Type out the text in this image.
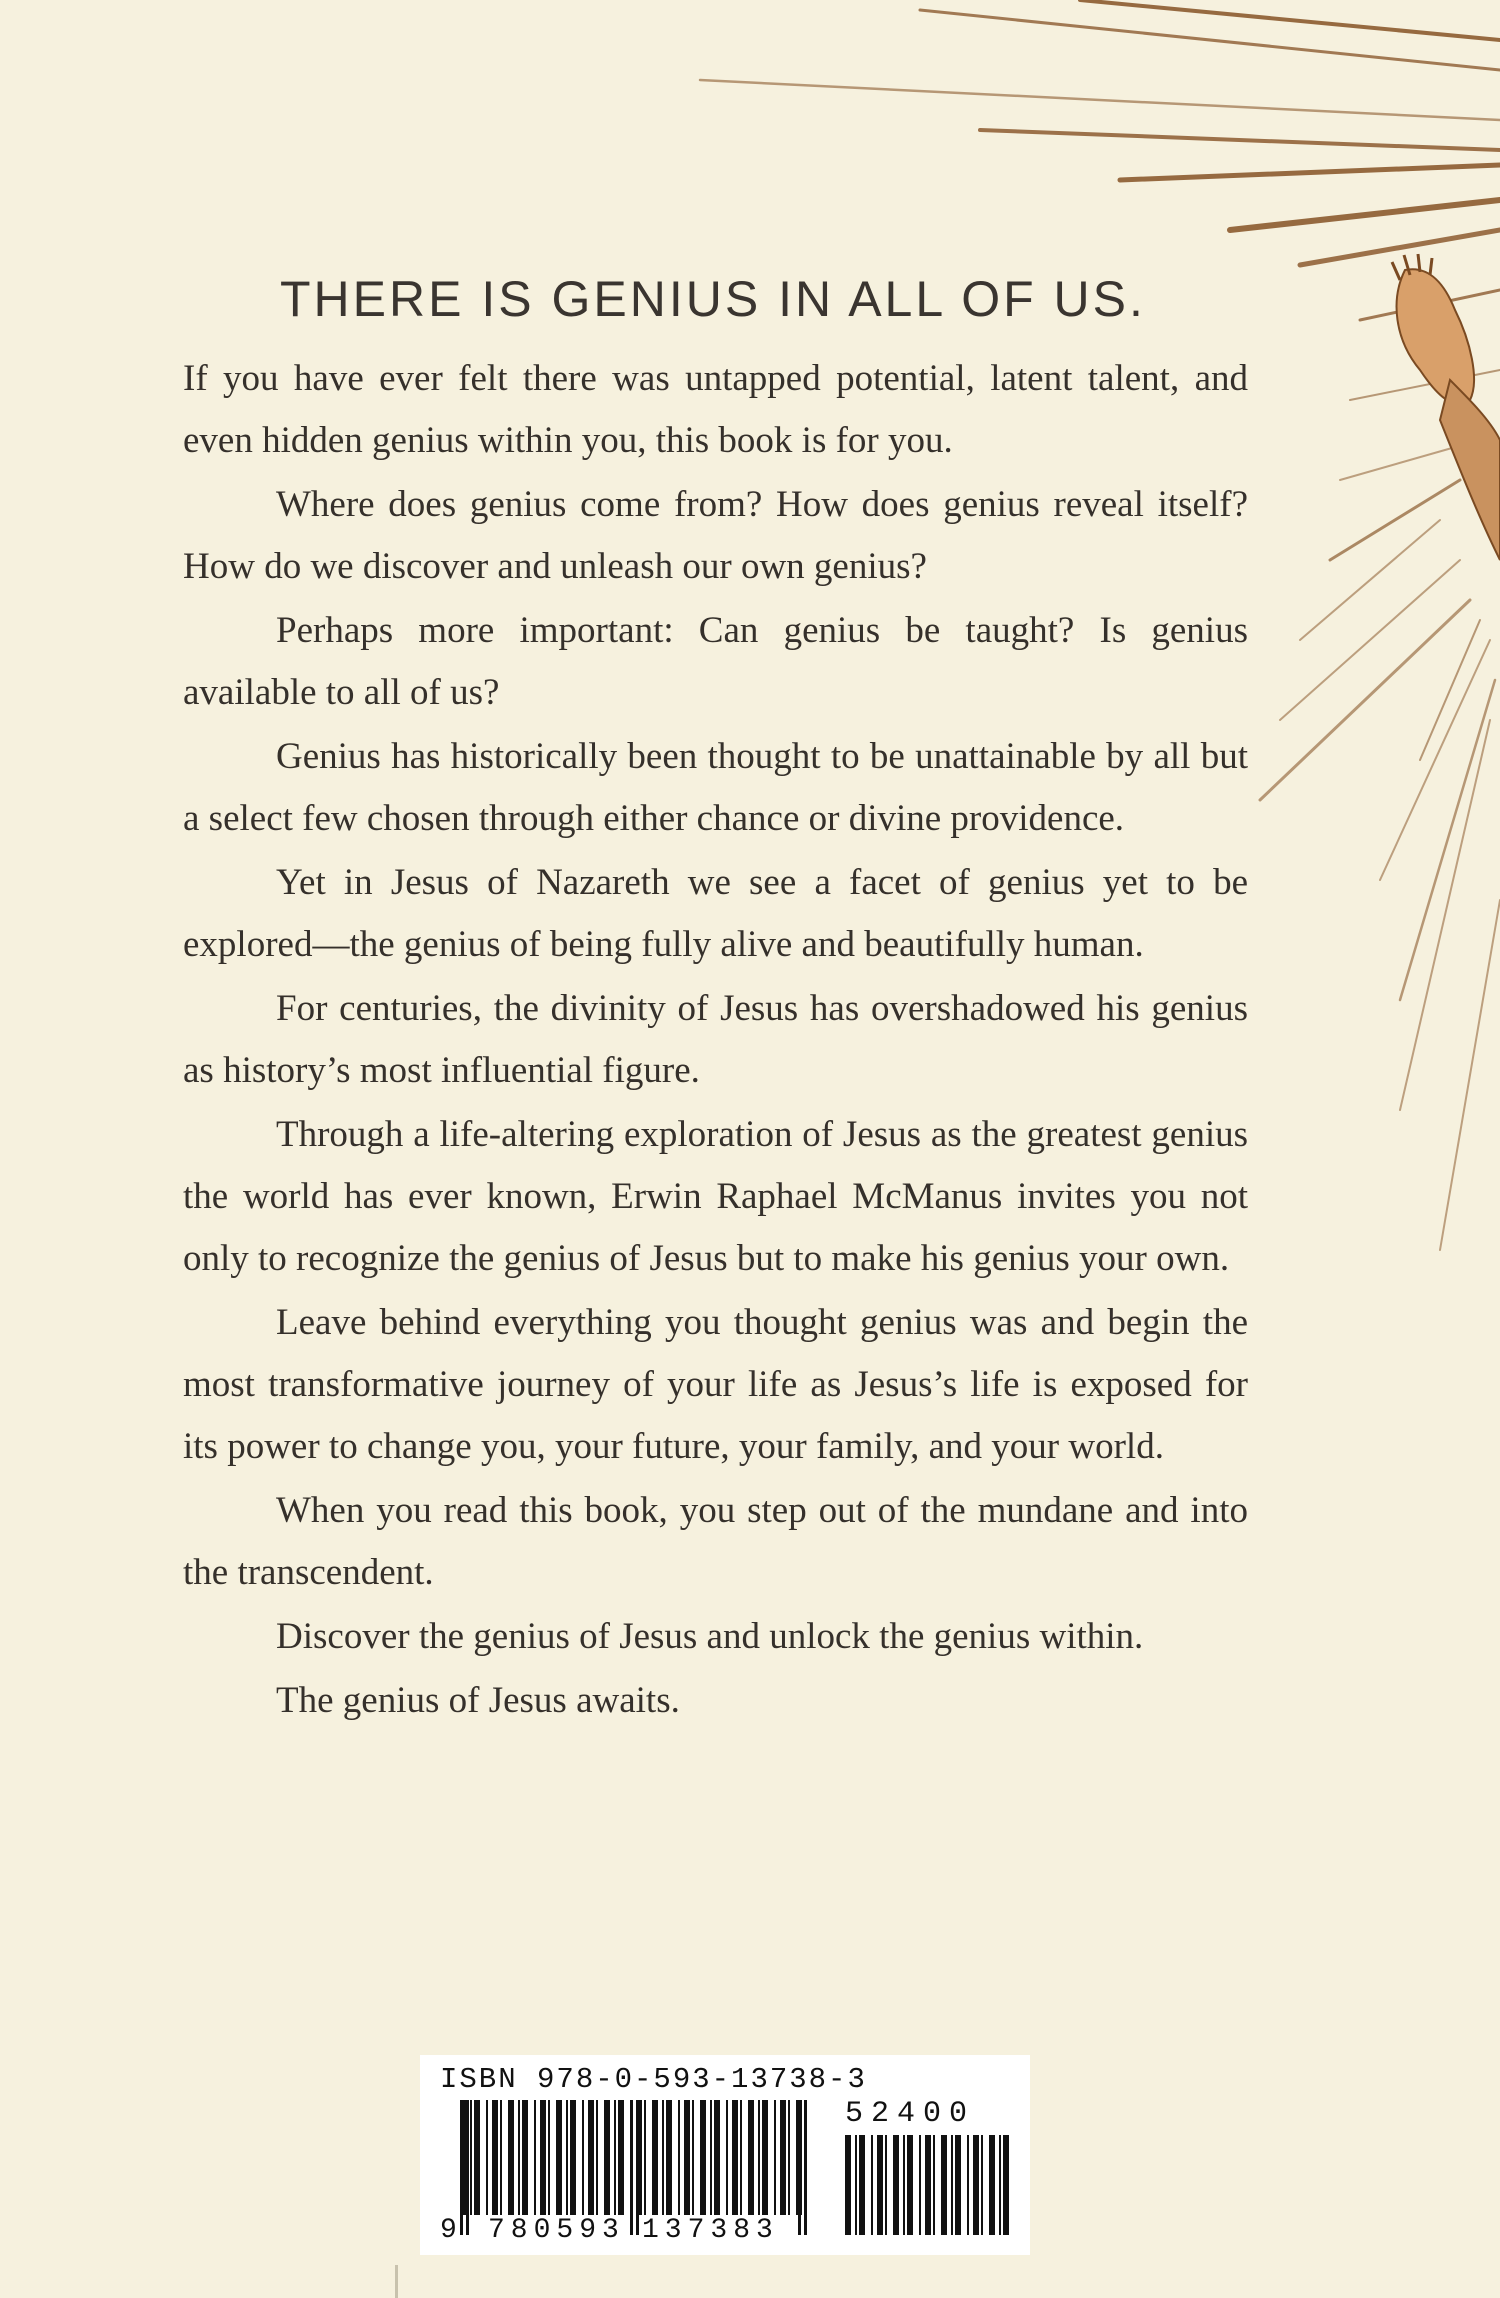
THERE IS GENIUS IN ALL OF US.

If you have ever felt there was untapped potential, latent talent, and even hidden genius within you, this book is for you.

Where does genius come from? How does genius reveal itself? How do we discover and unleash our own genius?

Perhaps more important: Can genius be taught? Is genius available to all of us?

Genius has historically been thought to be unattainable by all but a select few chosen through either chance or divine providence.

Yet in Jesus of Nazareth we see a facet of genius yet to be explored—the genius of being fully alive and beautifully human.

For centuries, the divinity of Jesus has overshadowed his genius as history’s most influential figure.

Through a life-altering exploration of Jesus as the greatest genius the world has ever known, Erwin Raphael McManus invites you not only to recognize the genius of Jesus but to make his genius your own.

Leave behind everything you thought genius was and begin the most transformative journey of your life as Jesus’s life is exposed for its power to change you, your future, your family, and your world.

When you read this book, you step out of the mundane and into the transcendent.

Discover the genius of Jesus and unlock the genius within.

The genius of Jesus awaits.

ISBN 978-0-593-13738-3
52400
9 780593 137383
